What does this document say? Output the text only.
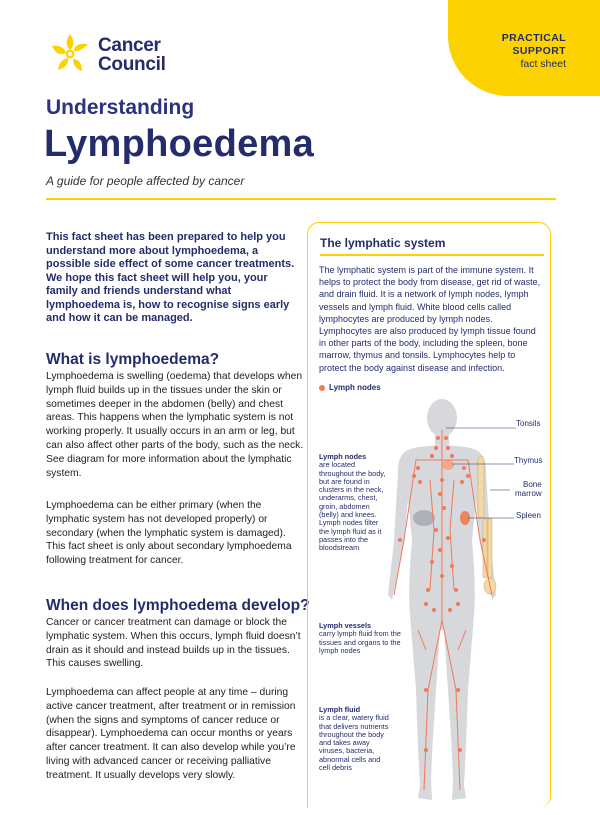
PRACTICAL
SUPPORT
fact sheet
Cancer
Council
Understanding
Lymphoedema
A guide for people affected by cancer
This fact sheet has been prepared to help you understand more about lymphoedema, a possible side effect of some cancer treatments. We hope this fact sheet will help you, your family and friends understand what lymphoedema is, how to recognise signs early and how it can be managed.
What is lymphoedema?
Lymphoedema is swelling (oedema) that develops when lymph fluid builds up in the tissues under the skin or sometimes deeper in the abdomen (belly) and chest areas. This happens when the lymphatic system is not working properly. It usually occurs in an arm or leg, but can also affect other parts of the body, such as the neck. See diagram for more information about the lymphatic system.
Lymphoedema can be either primary (when the lymphatic system has not developed properly) or secondary (when the lymphatic system is damaged). This fact sheet is only about secondary lymphoedema following treatment for cancer.
When does lymphoedema develop?
Cancer or cancer treatment can damage or block the lymphatic system. When this occurs, lymph fluid doesn’t drain as it should and instead builds up in the tissues. This causes swelling.
Lymphoedema can affect people at any time – during active cancer treatment, after treatment or in remission (when the signs and symptoms of cancer reduce or disappear). Lymphoedema can occur months or years after cancer treatment. It can also develop while you’re living with advanced cancer or receiving palliative treatment. It usually develops very slowly.
The lymphatic system
The lymphatic system is part of the immune system. It helps to protect the body from disease, get rid of waste, and drain fluid. It is a network of lymph nodes, lymph vessels and lymph fluid. White blood cells called lymphocytes are produced by lymph nodes. Lymphocytes are also produced by lymph tissue found in other parts of the body, including the spleen, bone marrow, thymus and tonsils. Lymphocytes help to protect the body against disease and infection.
Lymph nodes
Tonsils
Thymus
Bone
marrow
Spleen
Lymph nodes
are located throughout the body, but are found in clusters in the neck, underarms, chest, groin, abdomen (belly) and knees. Lymph nodes filter the lymph fluid as it passes into the bloodstream
Lymph vessels
carry lymph fluid from the tissues and organs to the lymph nodes
Lymph fluid
is a clear, watery fluid that delivers nutrients throughout the body and takes away viruses, bacteria, abnormal cells and cell debris
